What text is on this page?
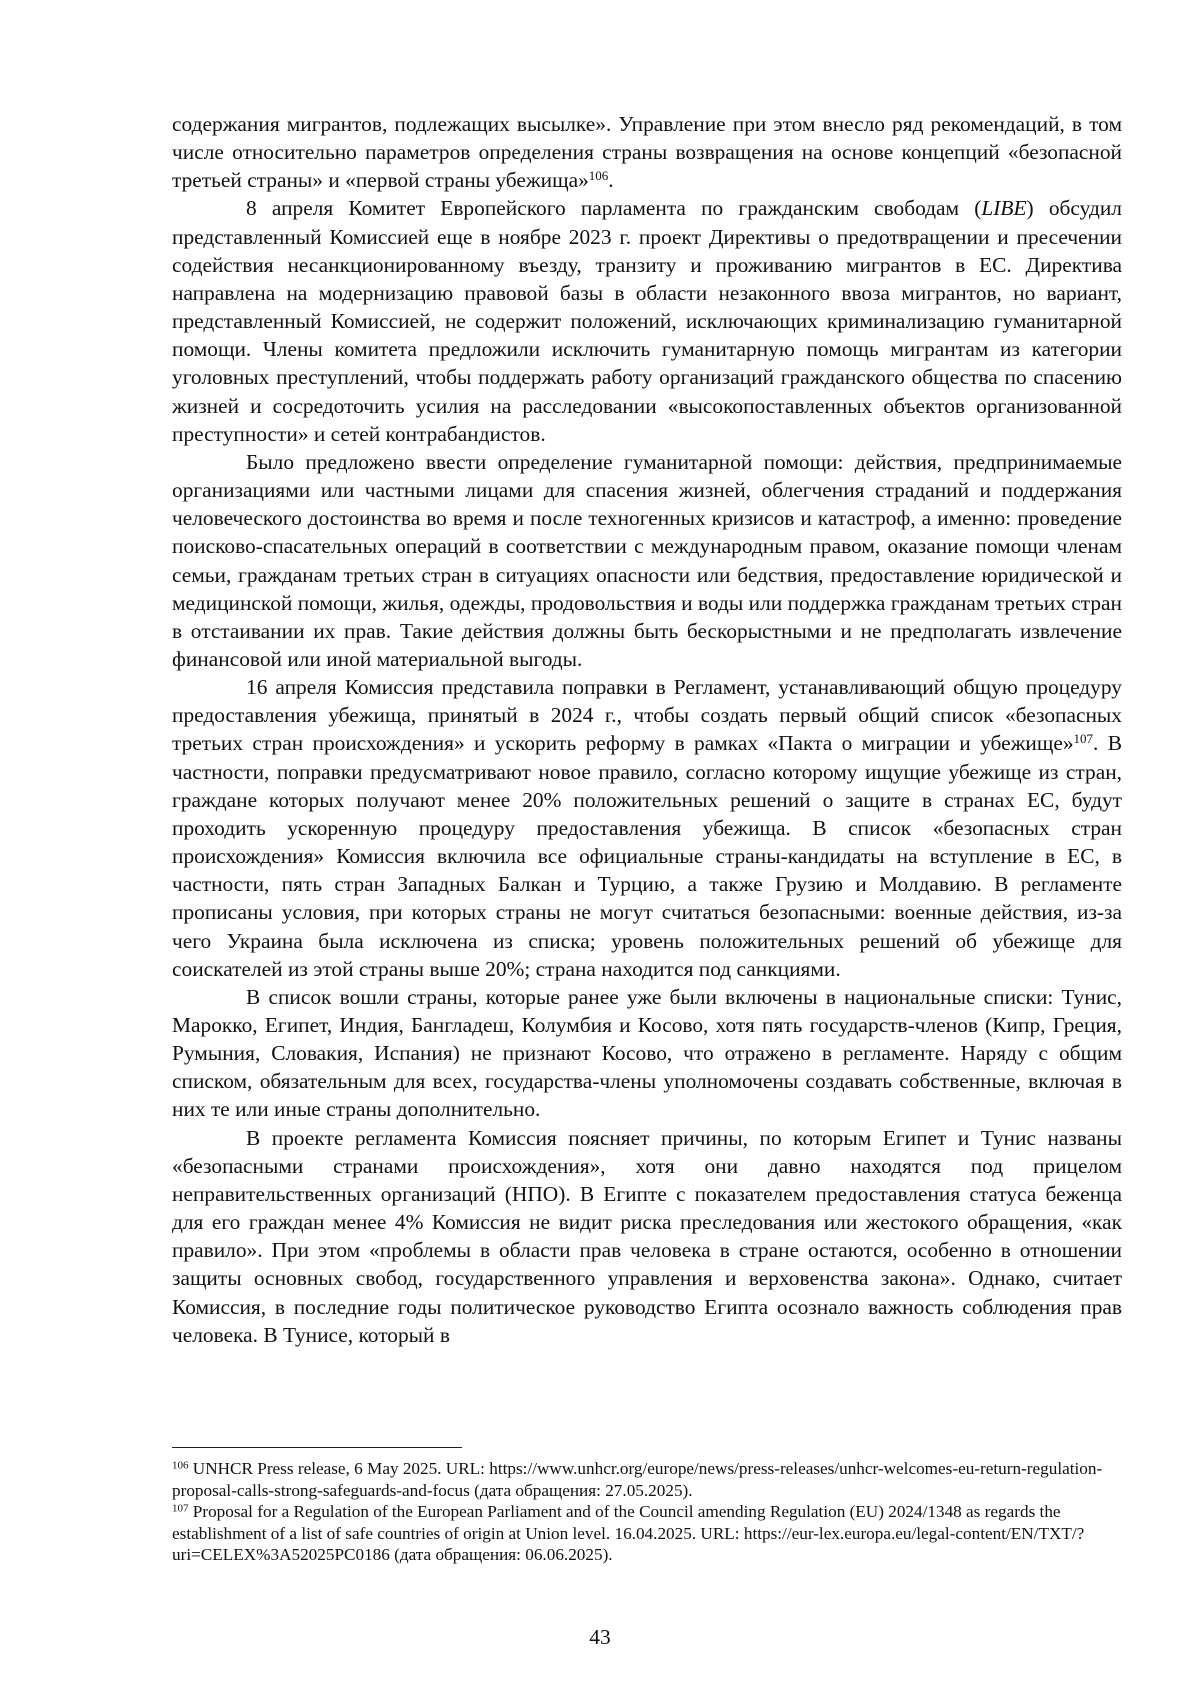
содержания мигрантов, подлежащих высылке». Управление при этом внесло ряд рекомендаций, в том числе относительно параметров определения страны возвращения на основе концепций «безопасной третьей страны» и «первой страны убежища»$^{106}$.

8 апреля Комитет Европейского парламента по гражданским свободам (LIBE) обсудил представленный Комиссией еще в ноябре 2023 г. проект Директивы о предотвращении и пресечении содействия несанкционированному въезду, транзиту и проживанию мигрантов в ЕС. Директива направлена на модернизацию правовой базы в области незаконного ввоза мигрантов, но вариант, представленный Комиссией, не содержит положений, исключающих криминализацию гуманитарной помощи. Члены комитета предложили исключить гуманитарную помощь мигрантам из категории уголовных преступлений, чтобы поддержать работу организаций гражданского общества по спасению жизней и сосредоточить усилия на расследовании «высокопоставленных объектов организованной преступности» и сетей контрабандистов.

Было предложено ввести определение гуманитарной помощи: действия, предпринимаемые организациями или частными лицами для спасения жизней, облегчения страданий и поддержания человеческого достоинства во время и после техногенных кризисов и катастроф, а именно: проведение поисково-спасательных операций в соответствии с международным правом, оказание помощи членам семьи, гражданам третьих стран в ситуациях опасности или бедствия, предоставление юридической и медицинской помощи, жилья, одежды, продовольствия и воды или поддержка гражданам третьих стран в отстаивании их прав. Такие действия должны быть бескорыстными и не предполагать извлечение финансовой или иной материальной выгоды.

16 апреля Комиссия представила поправки в Регламент, устанавливающий общую процедуру предоставления убежища, принятый в 2024 г., чтобы создать первый общий список «безопасных третьих стран происхождения» и ускорить реформу в рамках «Пакта о миграции и убежище»$^{107}$. В частности, поправки предусматривают новое правило, согласно которому ищущие убежище из стран, граждане которых получают менее 20% положительных решений о защите в странах ЕС, будут проходить ускоренную процедуру предоставления убежища. В список «безопасных стран происхождения» Комиссия включила все официальные страны-кандидаты на вступление в ЕС, в частности, пять стран Западных Балкан и Турцию, а также Грузию и Молдавию. В регламенте прописаны условия, при которых страны не могут считаться безопасными: военные действия, из-за чего Украина была исключена из списка; уровень положительных решений об убежище для соискателей из этой страны выше 20%; страна находится под санкциями.

В список вошли страны, которые ранее уже были включены в национальные списки: Тунис, Марокко, Египет, Индия, Бангладеш, Колумбия и Косово, хотя пять государств-членов (Кипр, Греция, Румыния, Словакия, Испания) не признают Косово, что отражено в регламенте. Наряду с общим списком, обязательным для всех, государства-члены уполномочены создавать собственные, включая в них те или иные страны дополнительно.

В проекте регламента Комиссия поясняет причины, по которым Египет и Тунис названы «безопасными странами происхождения», хотя они давно находятся под прицелом неправительственных организаций (НПО). В Египте с показателем предоставления статуса беженца для его граждан менее 4% Комиссия не видит риска преследования или жестокого обращения, «как правило». При этом «проблемы в области прав человека в стране остаются, особенно в отношении защиты основных свобод, государственного управления и верховенства закона». Однако, считает Комиссия, в последние годы политическое руководство Египта осознало важность соблюдения прав человека. В Тунисе, который в

$^{106}$ UNHCR Press release, 6 May 2025. URL: https://www.unhcr.org/europe/news/press-releases/unhcr-welcomes-eu-return-regulation-proposal-calls-strong-safeguards-and-focus (дата обращения: 27.05.2025).

$^{107}$ Proposal for a Regulation of the European Parliament and of the Council amending Regulation (EU) 2024/1348 as regards the establishment of a list of safe countries of origin at Union level. 16.04.2025. URL: https://eur-lex.europa.eu/legal-content/EN/TXT/?uri=CELEX%3A52025PC0186 (дата обращения: 06.06.2025).

43
